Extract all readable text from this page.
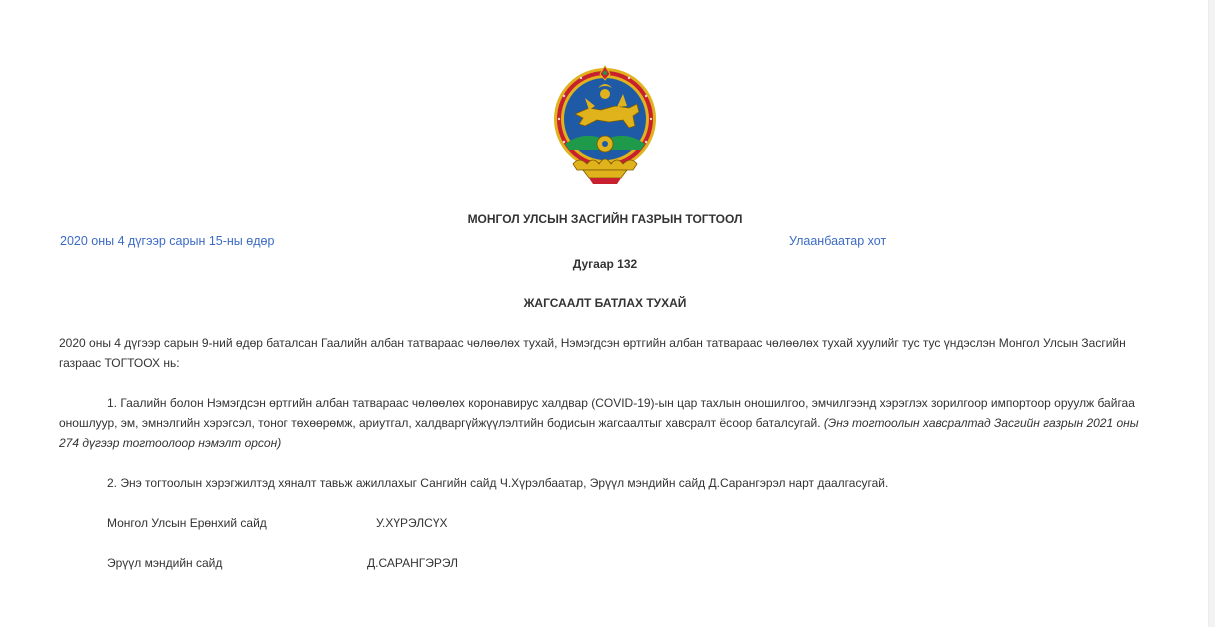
МОНГОЛ УЛСЫН ЗАСГИЙН ГАЗРЫН ТОГТООЛ
2020 оны 4 дүгээр сарын 15-ны өдөр	Улаанбаатар хот
Дугаар 132
ЖАГСААЛТ БАТЛАХ ТУХАЙ

2020 оны 4 дүгээр сарын 9-ний өдөр баталсан Гаалийн албан татвараас чөлөөлөх тухай, Нэмэгдсэн өртгийн албан татвараас чөлөөлөх тухай хуулийг тус тус үндэслэн Монгол Улсын Засгийн газраас ТОГТООХ нь:

1. Гаалийн болон Нэмэгдсэн өртгийн албан татвараас чөлөөлөх коронавирус халдвар (COVID-19)-ын цар тахлын оношилгоо, эмчилгээнд хэрэглэх зорилгоор импортоор оруулж байгаа оношлуур, эм, эмнэлгийн хэрэгсэл, тоног төхөөрөмж, ариутгал, халдваргүйжүүлэлтийн бодисын жагсаалтыг хавсралт ёсоор баталсугай. (Энэ тогтоолын хавсралтад Засгийн газрын 2021 оны 274 дүгээр тогтоолоор нэмэлт орсон)

2. Энэ тогтоолын хэрэгжилтэд хяналт тавьж ажиллахыг Сангийн сайд Ч.Хүрэлбаатар, Эрүүл мэндийн сайд Д.Сарангэрэл нарт даалгасугай.

Монгол Улсын Ерөнхий сайд	У.ХҮРЭЛСҮХ
Эрүүл мэндийн сайд	Д.САРАНГЭРЭЛ
